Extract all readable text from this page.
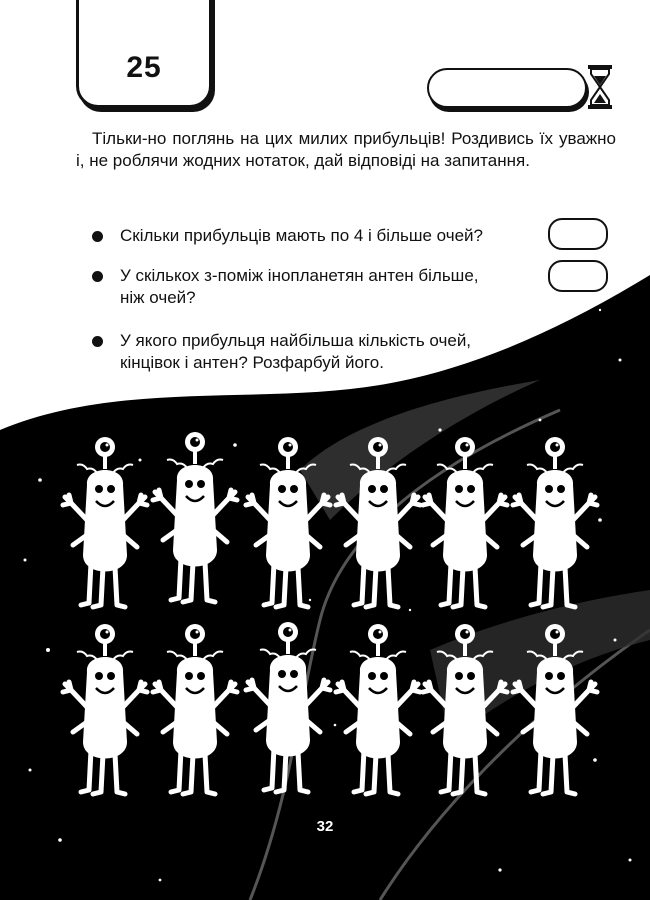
25

Тільки-но поглянь на цих милих прибульців! Роздивись їх уважно і, не роблячи жодних нотаток, дай відповіді на запитання.

Скільки прибульців мають по 4 і більше очей?
У скількох з-поміж інопланетян антен більше, ніж очей?
У якого прибульця найбільша кількість очей, кінцівок і антен? Розфарбуй його.
32
